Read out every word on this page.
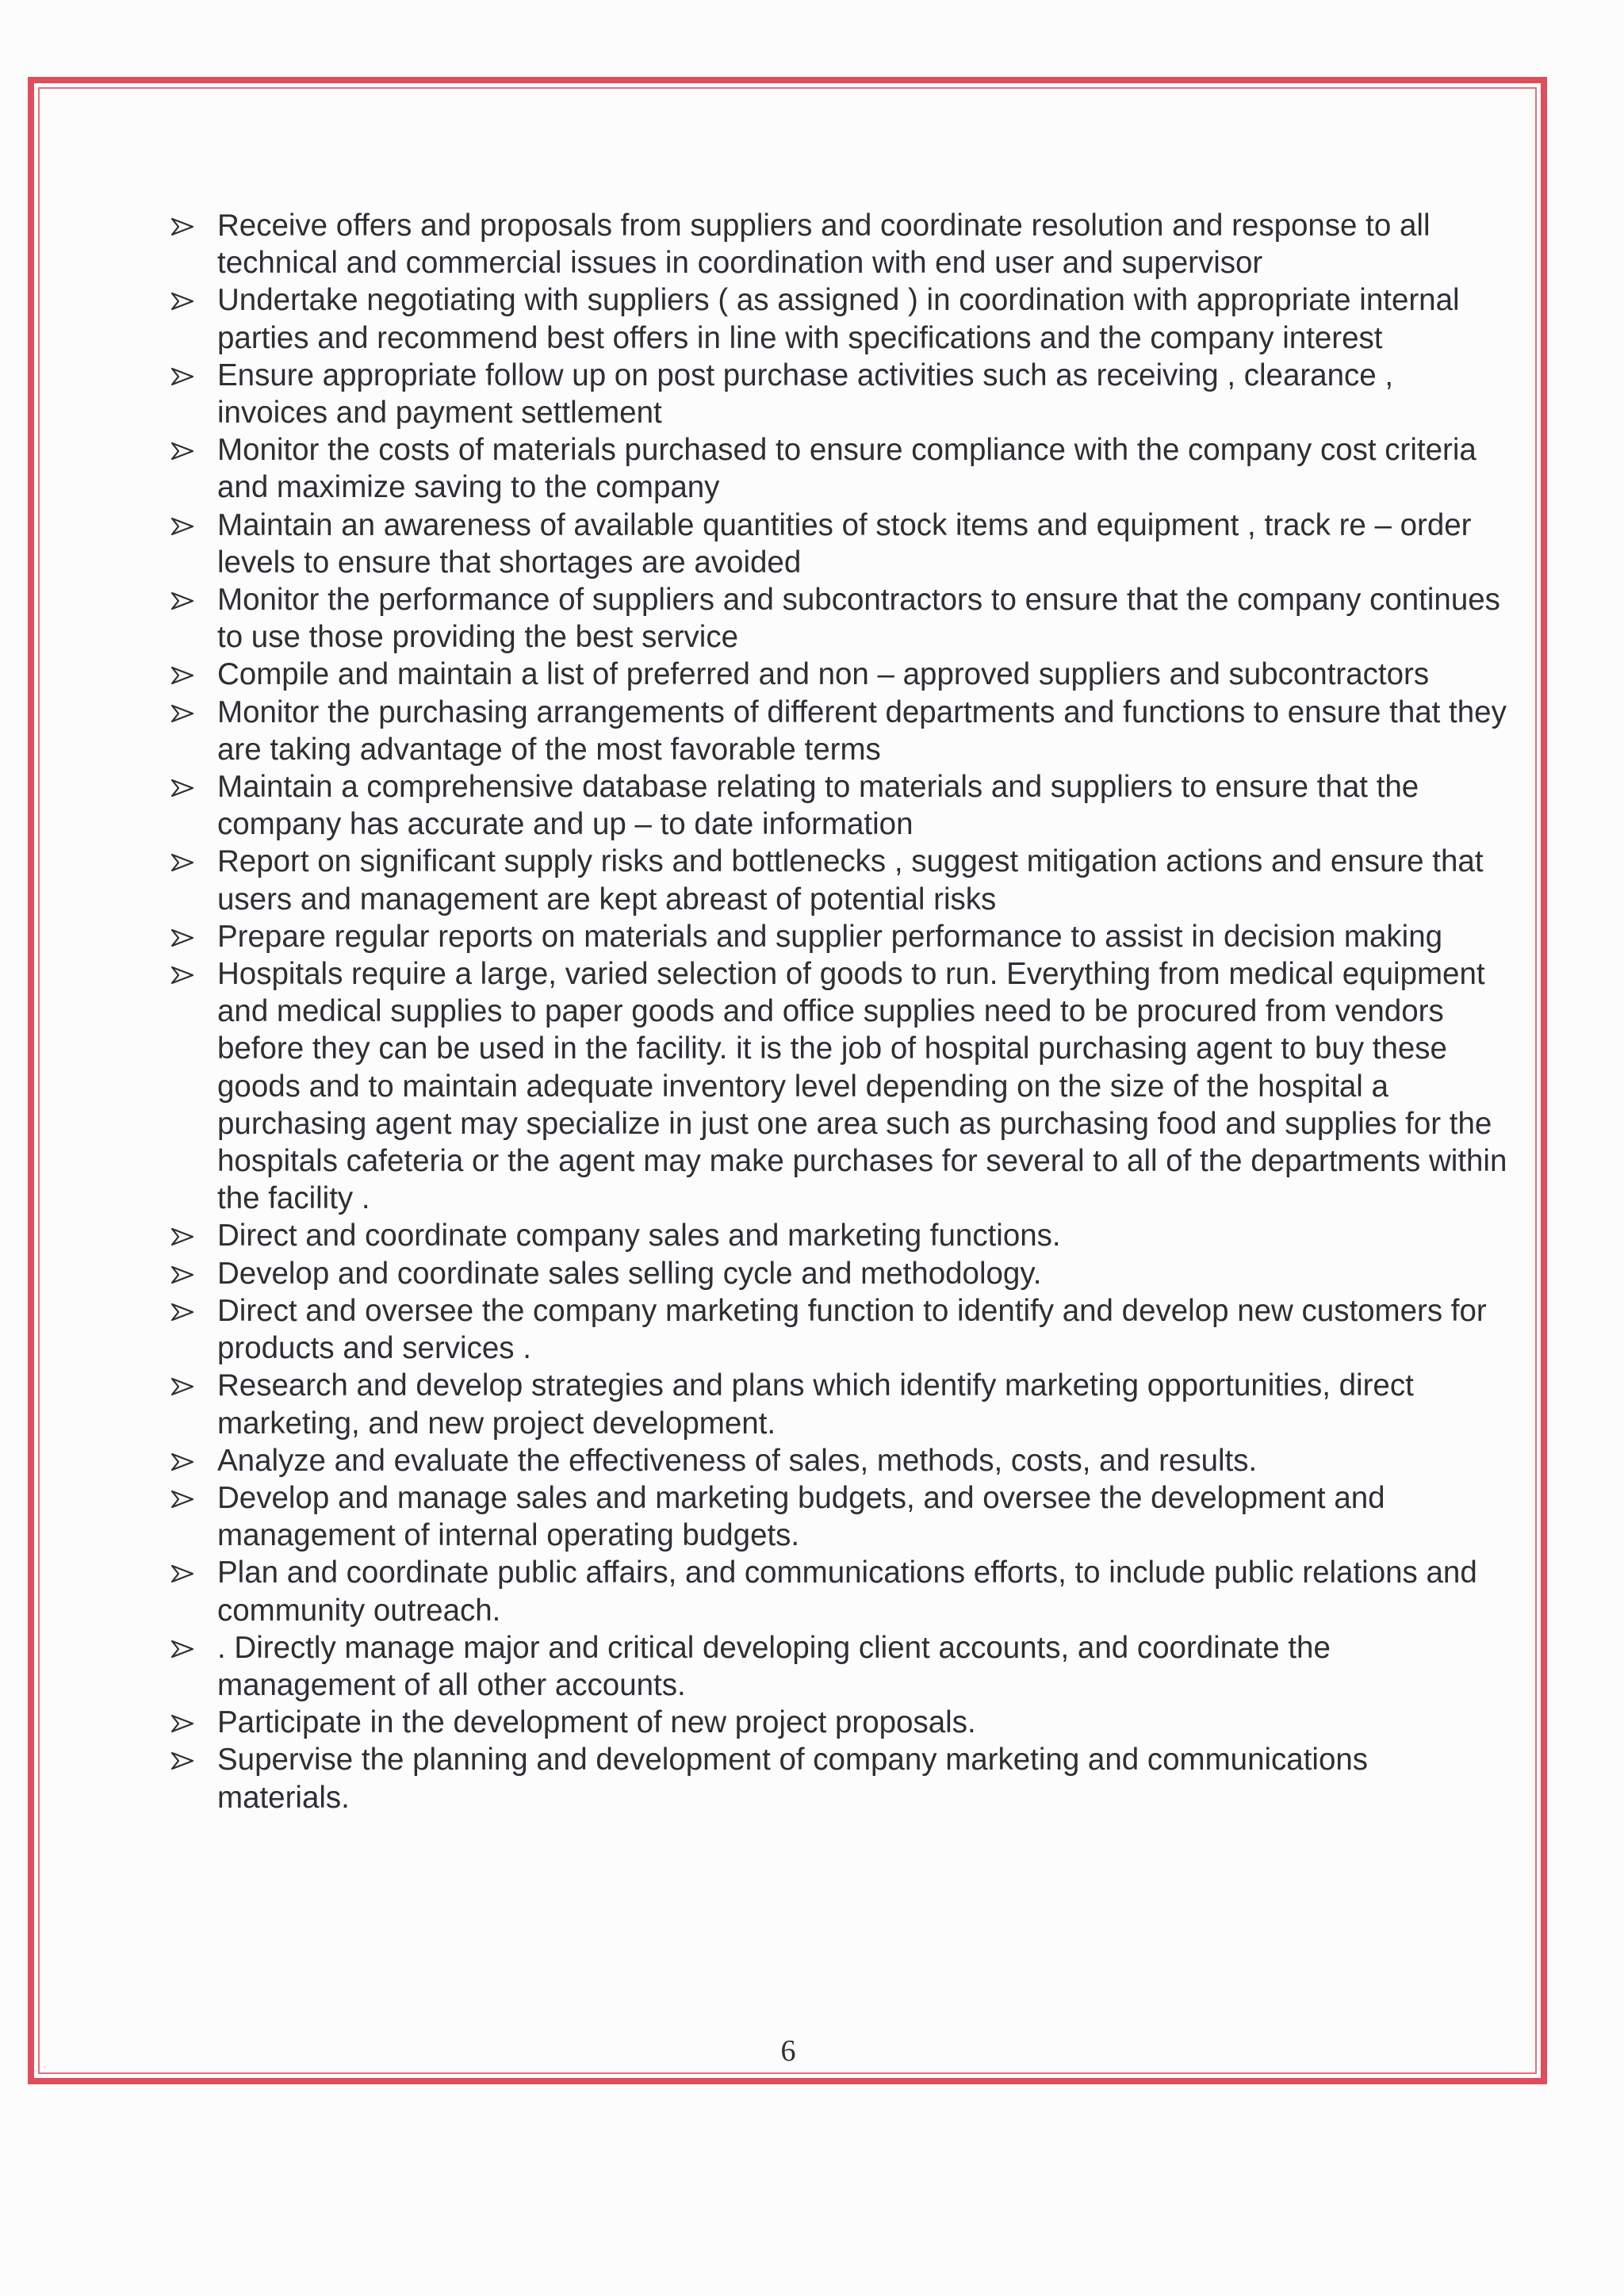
Receive offers and proposals from suppliers and coordinate resolution and response to all technical and commercial issues in coordination with end user and supervisor
Undertake negotiating with suppliers ( as assigned ) in coordination with appropriate internal parties and recommend best offers in line with specifications and the company interest
Ensure appropriate follow up on post purchase activities such as receiving , clearance , invoices and payment settlement
Monitor the costs of materials purchased to ensure compliance with the company cost criteria and maximize saving to the company
Maintain an awareness of available quantities of stock items and equipment , track re – order levels to ensure that shortages are avoided
Monitor the performance of suppliers and subcontractors to ensure that the company continues to use those providing the best service
Compile and maintain a list of preferred and non – approved suppliers and subcontractors
Monitor the purchasing arrangements of different departments and functions to ensure that they are taking advantage of the most favorable terms
Maintain a comprehensive database relating to materials and suppliers to ensure that the company has accurate and up – to date information
Report on significant supply risks and bottlenecks , suggest mitigation actions and ensure that users and management are kept abreast of potential risks
Prepare regular reports on materials and supplier performance to assist in decision making
Hospitals require a large, varied selection of goods to run. Everything from medical equipment and medical supplies to paper goods and office supplies need to be procured from vendors before they can be used in the facility. it is the job of hospital purchasing agent to buy these goods and to maintain adequate inventory level depending on the size of the hospital a purchasing agent may specialize in just one area such as purchasing food and supplies for the hospitals cafeteria or the agent may make purchases for several to all of the departments within the facility .
Direct and coordinate company sales and marketing functions.
Develop and coordinate sales selling cycle and methodology.
Direct and oversee the company marketing function to identify and develop new customers for products and services .
Research and develop strategies and plans which identify marketing opportunities, direct marketing, and new project development.
Analyze and evaluate the effectiveness of sales, methods, costs, and results.
Develop and manage sales and marketing budgets, and oversee the development and management of internal operating budgets.
Plan and coordinate public affairs, and communications efforts, to include public relations and community outreach.
. Directly manage major and critical developing client accounts, and coordinate the management of all other accounts.
Participate in the development of new project proposals.
Supervise the planning and development of company marketing and communications materials.
6
